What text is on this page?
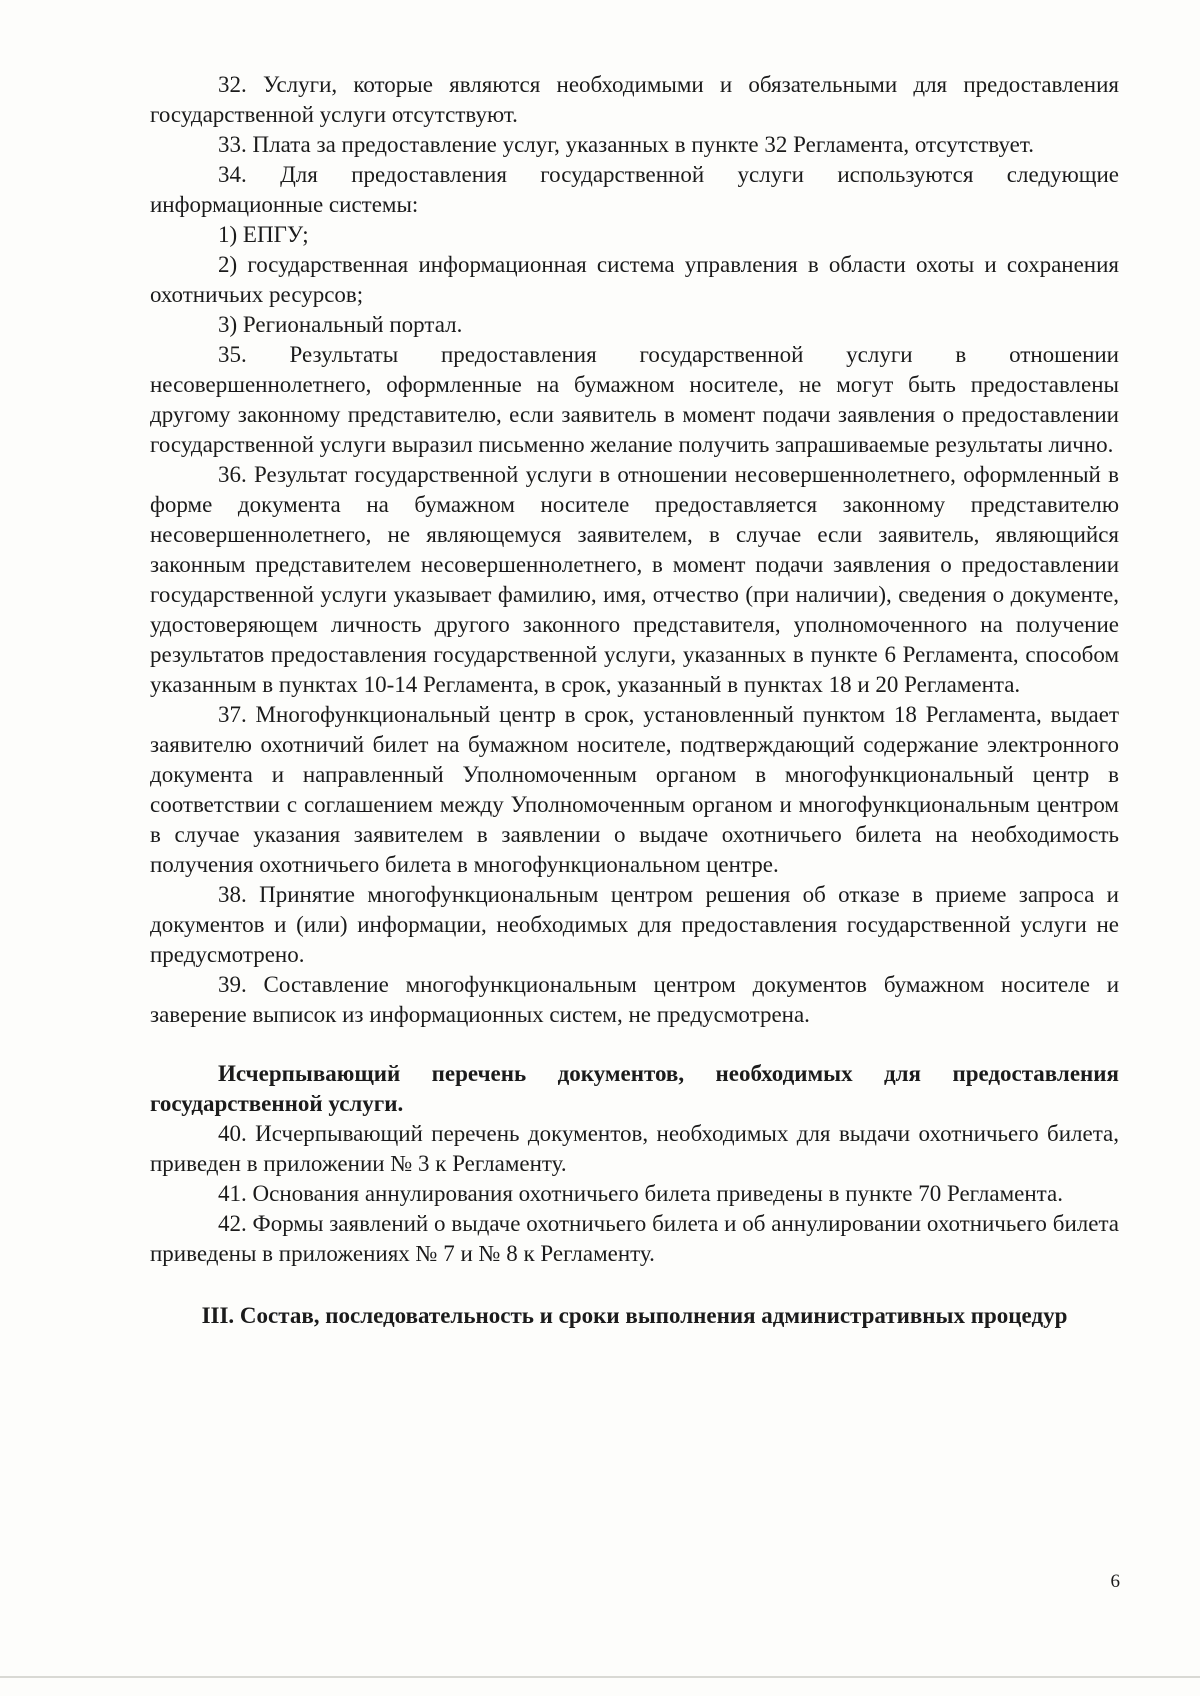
32. Услуги, которые являются необходимыми и обязательными для предоставления государственной услуги отсутствуют.

33. Плата за предоставление услуг, указанных в пункте 32 Регламента, отсутствует.

34. Для предоставления государственной услуги используются следующие информационные системы:

1) ЕПГУ;

2) государственная информационная система управления в области охоты и сохранения охотничьих ресурсов;

3) Региональный портал.

35. Результаты предоставления государственной услуги в отношении несовершеннолетнего, оформленные на бумажном носителе, не могут быть предоставлены другому законному представителю, если заявитель в момент подачи заявления о предоставлении государственной услуги выразил письменно желание получить запрашиваемые результаты лично.

36. Результат государственной услуги в отношении несовершеннолетнего, оформленный в форме документа на бумажном носителе предоставляется законному представителю несовершеннолетнего, не являющемуся заявителем, в случае если заявитель, являющийся законным представителем несовершеннолетнего, в момент подачи заявления о предоставлении государственной услуги указывает фамилию, имя, отчество (при наличии), сведения о документе, удостоверяющем личность другого законного представителя, уполномоченного на получение результатов предоставления государственной услуги, указанных в пункте 6 Регламента, способом указанным в пунктах 10-14 Регламента, в срок, указанный в пунктах 18 и 20 Регламента.

37. Многофункциональный центр в срок, установленный пунктом 18 Регламента, выдает заявителю охотничий билет на бумажном носителе, подтверждающий содержание электронного документа и направленный Уполномоченным органом в многофункциональный центр в соответствии с соглашением между Уполномоченным органом и многофункциональным центром в случае указания заявителем в заявлении о выдаче охотничьего билета на необходимость получения охотничьего билета в многофункциональном центре.

38. Принятие многофункциональным центром решения об отказе в приеме запроса и документов и (или) информации, необходимых для предоставления государственной услуги не предусмотрено.

39. Составление многофункциональным центром документов бумажном носителе и заверение выписок из информационных систем, не предусмотрена.

Исчерпывающий перечень документов, необходимых для предоставления государственной услуги.

40. Исчерпывающий перечень документов, необходимых для выдачи охотничьего билета, приведен в приложении № 3 к Регламенту.

41. Основания аннулирования охотничьего билета приведены в пункте 70 Регламента.

42. Формы заявлений о выдаче охотничьего билета и об аннулировании охотничьего билета приведены в приложениях № 7 и № 8 к Регламенту.

III. Состав, последовательность и сроки выполнения административных процедур

6
